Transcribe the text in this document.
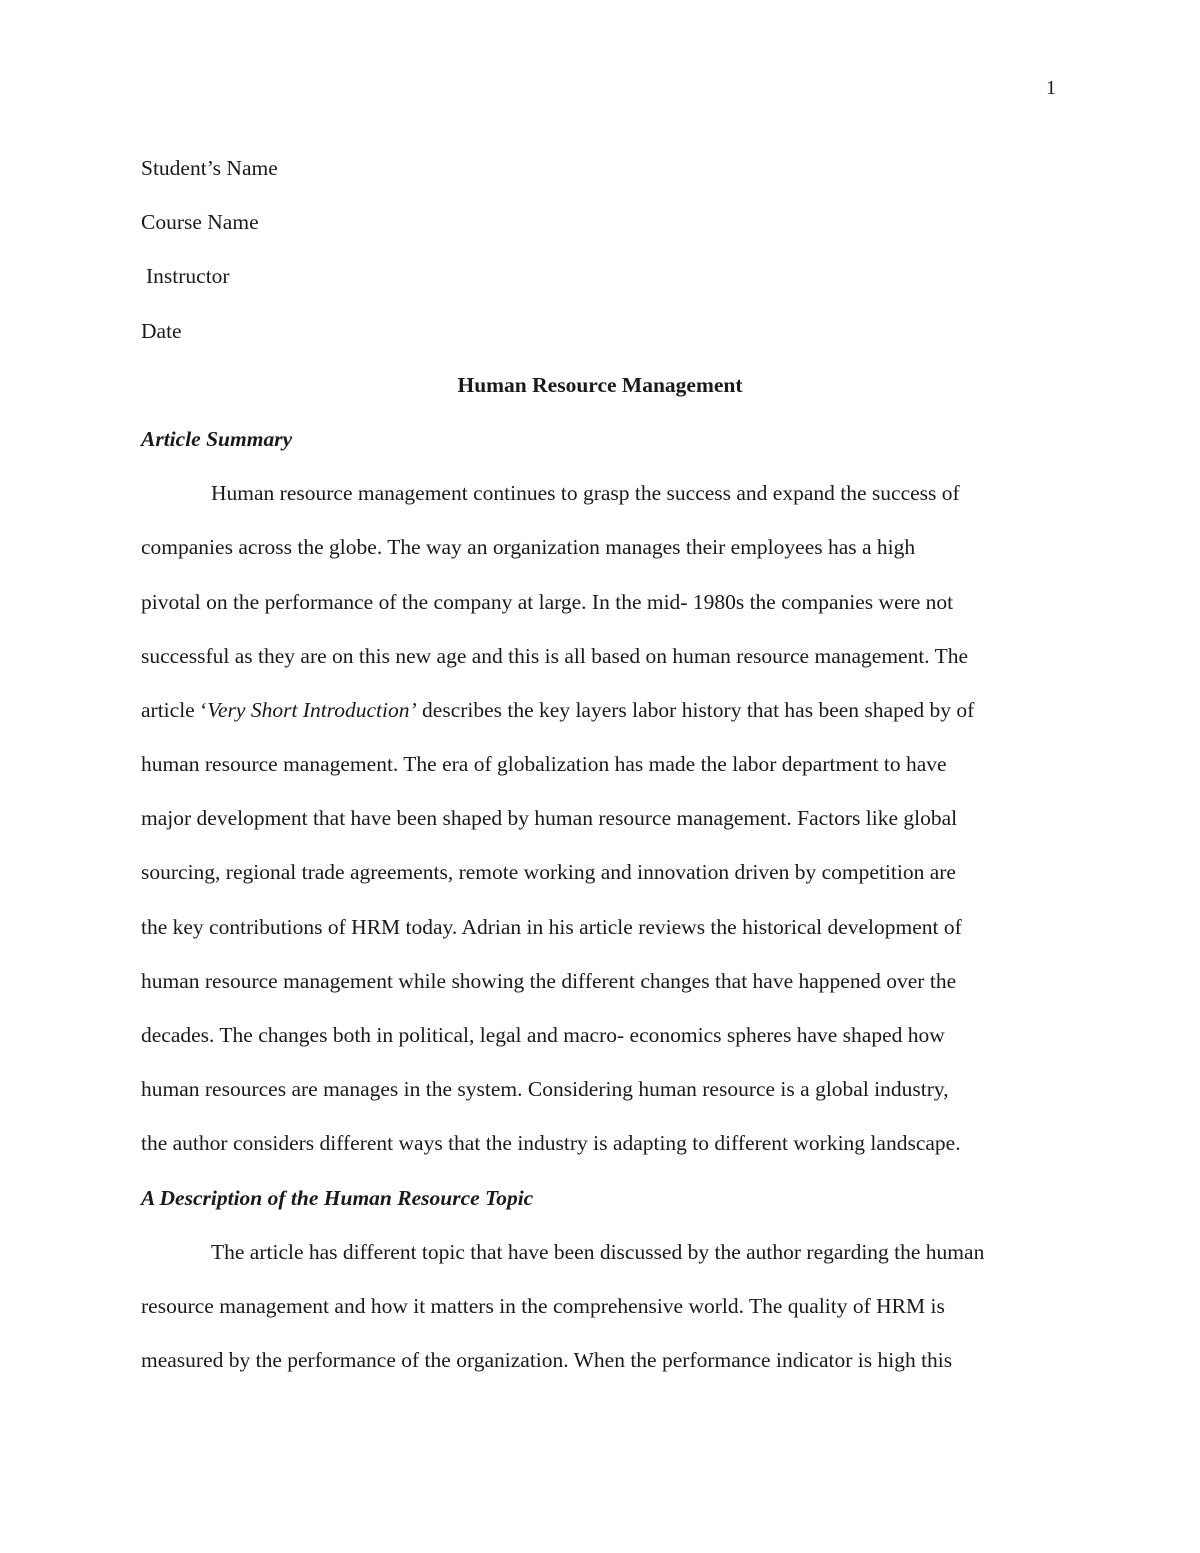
1
Student’s Name
Course Name
Instructor
Date
Human Resource Management
Article Summary
Human resource management continues to grasp the success and expand the success of
companies across the globe. The way an organization manages their employees has a high
pivotal on the performance of the company at large. In the mid- 1980s the companies were not
successful as they are on this new age and this is all based on human resource management. The
article ‘Very Short Introduction’ describes the key layers labor history that has been shaped by of
human resource management. The era of globalization has made the labor department to have
major development that have been shaped by human resource management. Factors like global
sourcing, regional trade agreements, remote working and innovation driven by competition are
the key contributions of HRM today. Adrian in his article reviews the historical development of
human resource management while showing the different changes that have happened over the
decades. The changes both in political, legal and macro- economics spheres have shaped how
human resources are manages in the system. Considering human resource is a global industry,
the author considers different ways that the industry is adapting to different working landscape.
A Description of the Human Resource Topic
The article has different topic that have been discussed by the author regarding the human
resource management and how it matters in the comprehensive world. The quality of HRM is
measured by the performance of the organization. When the performance indicator is high this
